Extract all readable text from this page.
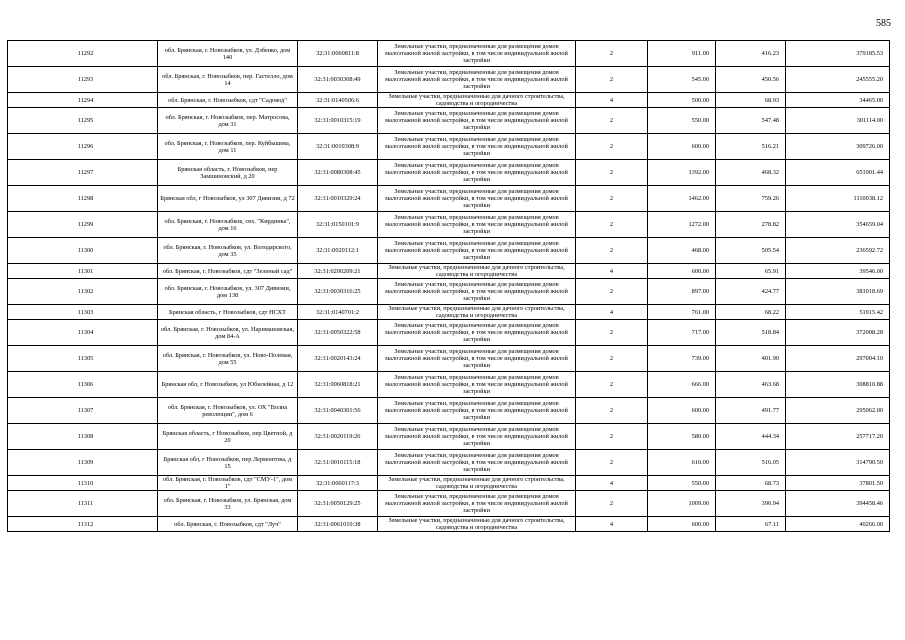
585
11292	обл. Брянская, г. Новозыбков, ул. Дзбенко, дом 140	32:31:0060811:8	Земельные участки, предназначенные для размещения домов малоэтажной жилой застройки, в том числе индивидуальной жилой застройки	2	911.00	416.23	379185.53

11293	обл. Брянская, г. Новозыбков, пер. Гастелло, дом 14	32:31:0030308:49	Земельные участки, предназначенные для размещения домов малоэтажной жилой застройки, в том числе индивидуальной жилой застройки	2	545.00	450.56	245555.20

11294	обл. Брянская, г. Новозыбков, сдт "Садовод"	32:31:0140506:6	Земельные участки, предназначенные для дачного строительства, садоводства и огородничества	4	500.00	68.93	34465.00

11295	обл. Брянская, г. Новозыбков, пер. Матросова, дом 31	32:31:0010315:19	Земельные участки, предназначенные для размещения домов малоэтажной жилой застройки, в том числе индивидуальной жилой застройки	2	550.00	547.48	301114.00

11296	обл. Брянская, г. Новозыбков, пер. Куйбышева, дом 11	32:31:0010308:9	Земельные участки, предназначенные для размещения домов малоэтажной жилой застройки, в том числе индивидуальной жилой застройки	2	600.00	516.21	309726.00

11297	Брянская область, г. Новозыбков, пер Замшиновский, д 20	32:31:0080308:45	Земельные участки, предназначенные для размещения домов малоэтажной жилой застройки, в том числе индивидуальной жилой застройки	2	1392.00	468.32	651901.44

11298	Брянская обл, г Новозыбков, ул 307 Дивизии, д 72	32:31:0010329:24	Земельные участки, предназначенные для размещения домов малоэтажной жилой застройки, в том числе индивидуальной жилой застройки	2	1462.00	759.26	1110038.12

11299	обл. Брянская, г. Новозыбков, свх. "Кирдинка", дом 16	32:31:0150101:9	Земельные участки, предназначенные для размещения домов малоэтажной жилой застройки, в том числе индивидуальной жилой застройки	2	1272.00	278.82	354659.04

11300	обл. Брянская, г. Новозыбков, ул. Володарского, дом 35	32:31:0020112:1	Земельные участки, предназначенные для размещения домов малоэтажной жилой застройки, в том числе индивидуальной жилой застройки	2	468.00	505.54	236592.72

11301	обл. Брянская, г. Новозыбков, сдт "Зеленый сад"	32:31:0200209:21	Земельные участки, предназначенные для дачного строительства, садоводства и огородничества	4	600.00	65.91	39546.00

11302	обл. Брянская, г. Новозыбков, ул. 307 Дивизии, дом 138	32:31:0030316:25	Земельные участки, предназначенные для размещения домов малоэтажной жилой застройки, в том числе индивидуальной жилой застройки	2	897.00	424.77	381018.69

11303	Брянская область, г Новозыбков, сдт НСХТ	32:31:0140701:2	Земельные участки, предназначенные для дачного строительства, садоводства и огородничества	4	761.00	68.22	51915.42

11304	обл. Брянская, г. Новозыбков, ул. Наримановская, дом 84-А	32:31:0050322:58	Земельные участки, предназначенные для размещения домов малоэтажной жилой застройки, в том числе индивидуальной жилой застройки	2	717.00	518.84	372008.28

11305	обл. Брянская, г. Новозыбков, ул. Ново-Полевая, дом 55	32:31:0020143:24	Земельные участки, предназначенные для размещения домов малоэтажной жилой застройки, в том числе индивидуальной жилой застройки	2	739.00	401.90	297004.10

11306	Брянская обл, г Новозыбков, ул Юбилейная, д 12	32:31:0060818:21	Земельные участки, предназначенные для размещения домов малоэтажной жилой застройки, в том числе индивидуальной жилой застройки	2	666.00	463.68	308810.88

11307	обл. Брянская, г. Новозыбков, ул. ОХ "Волна революции", дом 6	32:31:0040301:56	Земельные участки, предназначенные для размещения домов малоэтажной жилой застройки, в том числе индивидуальной жилой застройки	2	600.00	491.77	295062.00

11308	Брянская область, г Новозыбков, пер Цветной, д 20	32:31:0020119:26	Земельные участки, предназначенные для размещения домов малоэтажной жилой застройки, в том числе индивидуальной жилой застройки	2	580.00	444.34	257717.20

11309	Брянская обл, г Новозыбков, пер Лермонтова, д 15	32:31:0010115:18	Земельные участки, предназначенные для размещения домов малоэтажной жилой застройки, в том числе индивидуальной жилой застройки	2	610.00	516.05	314790.50

11310	обл. Брянская, г. Новозыбков, сдт "СМУ-1", дом 1"	32:31:0060117:3	Земельные участки, предназначенные для дачного строительства, садоводства и огородничества	4	550.00	68.73	37801.50

11311	обл. Брянская, г. Новозыбков, ул. Брянская, дом 33	32:31:0050129:25	Земельные участки, предназначенные для размещения домов малоэтажной жилой застройки, в том числе индивидуальной жилой застройки	2	1009.00	390.94	394458.46

11312	обл. Брянская, г. Новозыбков, сдт "Луч"	32:31:0061010:38	Земельные участки, предназначенные для дачного строительства, садоводства и огородничества	4	600.00	67.11	40266.00
